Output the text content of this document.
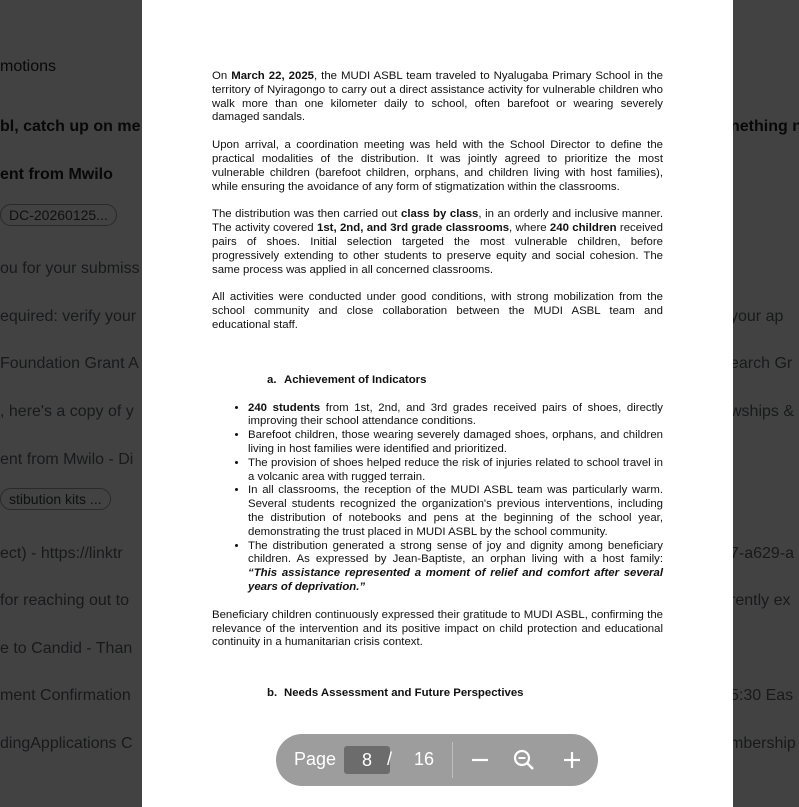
On March 22, 2025, the MUDI ASBL team traveled to Nyalugaba Primary School in the territory of Nyiragongo to carry out a direct assistance activity for vulnerable children who walk more than one kilometer daily to school, often barefoot or wearing severely damaged sandals.

Upon arrival, a coordination meeting was held with the School Director to define the practical modalities of the distribution. It was jointly agreed to prioritize the most vulnerable children (barefoot children, orphans, and children living with host families), while ensuring the avoidance of any form of stigmatization within the classrooms.

The distribution was then carried out class by class, in an orderly and inclusive manner. The activity covered 1st, 2nd, and 3rd grade classrooms, where 240 children received pairs of shoes. Initial selection targeted the most vulnerable children, before progressively extending to other students to preserve equity and social cohesion. The same process was applied in all concerned classrooms.

All activities were conducted under good conditions, with strong mobilization from the school community and close collaboration between the MUDI ASBL team and educational staff.

a. Achievement of Indicators
• 240 students from 1st, 2nd, and 3rd grades received pairs of shoes, directly improving their school attendance conditions.
• Barefoot children, those wearing severely damaged shoes, orphans, and children living in host families were identified and prioritized.
• The provision of shoes helped reduce the risk of injuries related to school travel in a volcanic area with rugged terrain.
• In all classrooms, the reception of the MUDI ASBL team was particularly warm. Several students recognized the organization's previous interventions, including the distribution of notebooks and pens at the beginning of the school year, demonstrating the trust placed in MUDI ASBL by the school community.
• The distribution generated a strong sense of joy and dignity among beneficiary children. As expressed by Jean-Baptiste, an orphan living with a host family: “This assistance represented a moment of relief and comfort after several years of deprivation.”

Beneficiary children continuously expressed their gratitude to MUDI ASBL, confirming the relevance of the intervention and its positive impact on child protection and educational continuity in a humanitarian crisis context.

b. Needs Assessment and Future Perspectives
Page	8 / 16
